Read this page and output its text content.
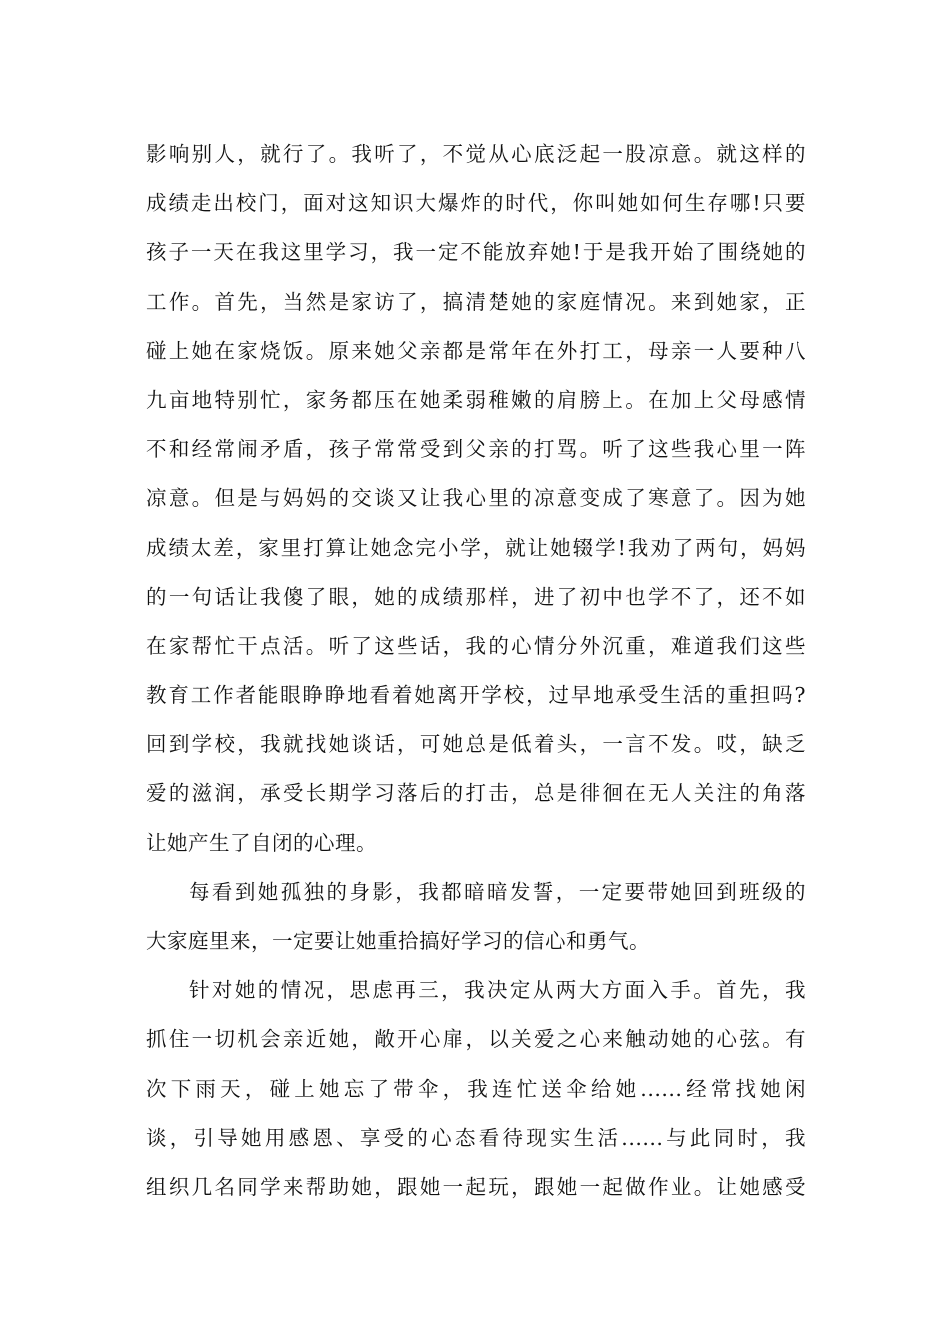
影响别人，就行了。我听了，不觉从心底泛起一股凉意。就这样的
成绩走出校门，面对这知识大爆炸的时代，你叫她如何生存哪!只要
孩子一天在我这里学习，我一定不能放弃她!于是我开始了围绕她的
工作。首先，当然是家访了，搞清楚她的家庭情况。来到她家，正
碰上她在家烧饭。原来她父亲都是常年在外打工，母亲一人要种八
九亩地特别忙，家务都压在她柔弱稚嫩的肩膀上。在加上父母感情
不和经常闹矛盾，孩子常常受到父亲的打骂。听了这些我心里一阵
凉意。但是与妈妈的交谈又让我心里的凉意变成了寒意了。因为她
成绩太差，家里打算让她念完小学，就让她辍学!我劝了两句，妈妈
的一句话让我傻了眼，她的成绩那样，进了初中也学不了，还不如
在家帮忙干点活。听了这些话，我的心情分外沉重，难道我们这些
教育工作者能眼睁睁地看着她离开学校，过早地承受生活的重担吗?
回到学校，我就找她谈话，可她总是低着头，一言不发。哎，缺乏
爱的滋润，承受长期学习落后的打击，总是徘徊在无人关注的角落
让她产生了自闭的心理。
每看到她孤独的身影，我都暗暗发誓，一定要带她回到班级的
大家庭里来，一定要让她重拾搞好学习的信心和勇气。
针对她的情况，思虑再三，我决定从两大方面入手。首先，我
抓住一切机会亲近她，敞开心扉，以关爱之心来触动她的心弦。有
次下雨天，碰上她忘了带伞，我连忙送伞给她......经常找她闲
谈，引导她用感恩、享受的心态看待现实生活......与此同时，我
组织几名同学来帮助她，跟她一起玩，跟她一起做作业。让她感受
